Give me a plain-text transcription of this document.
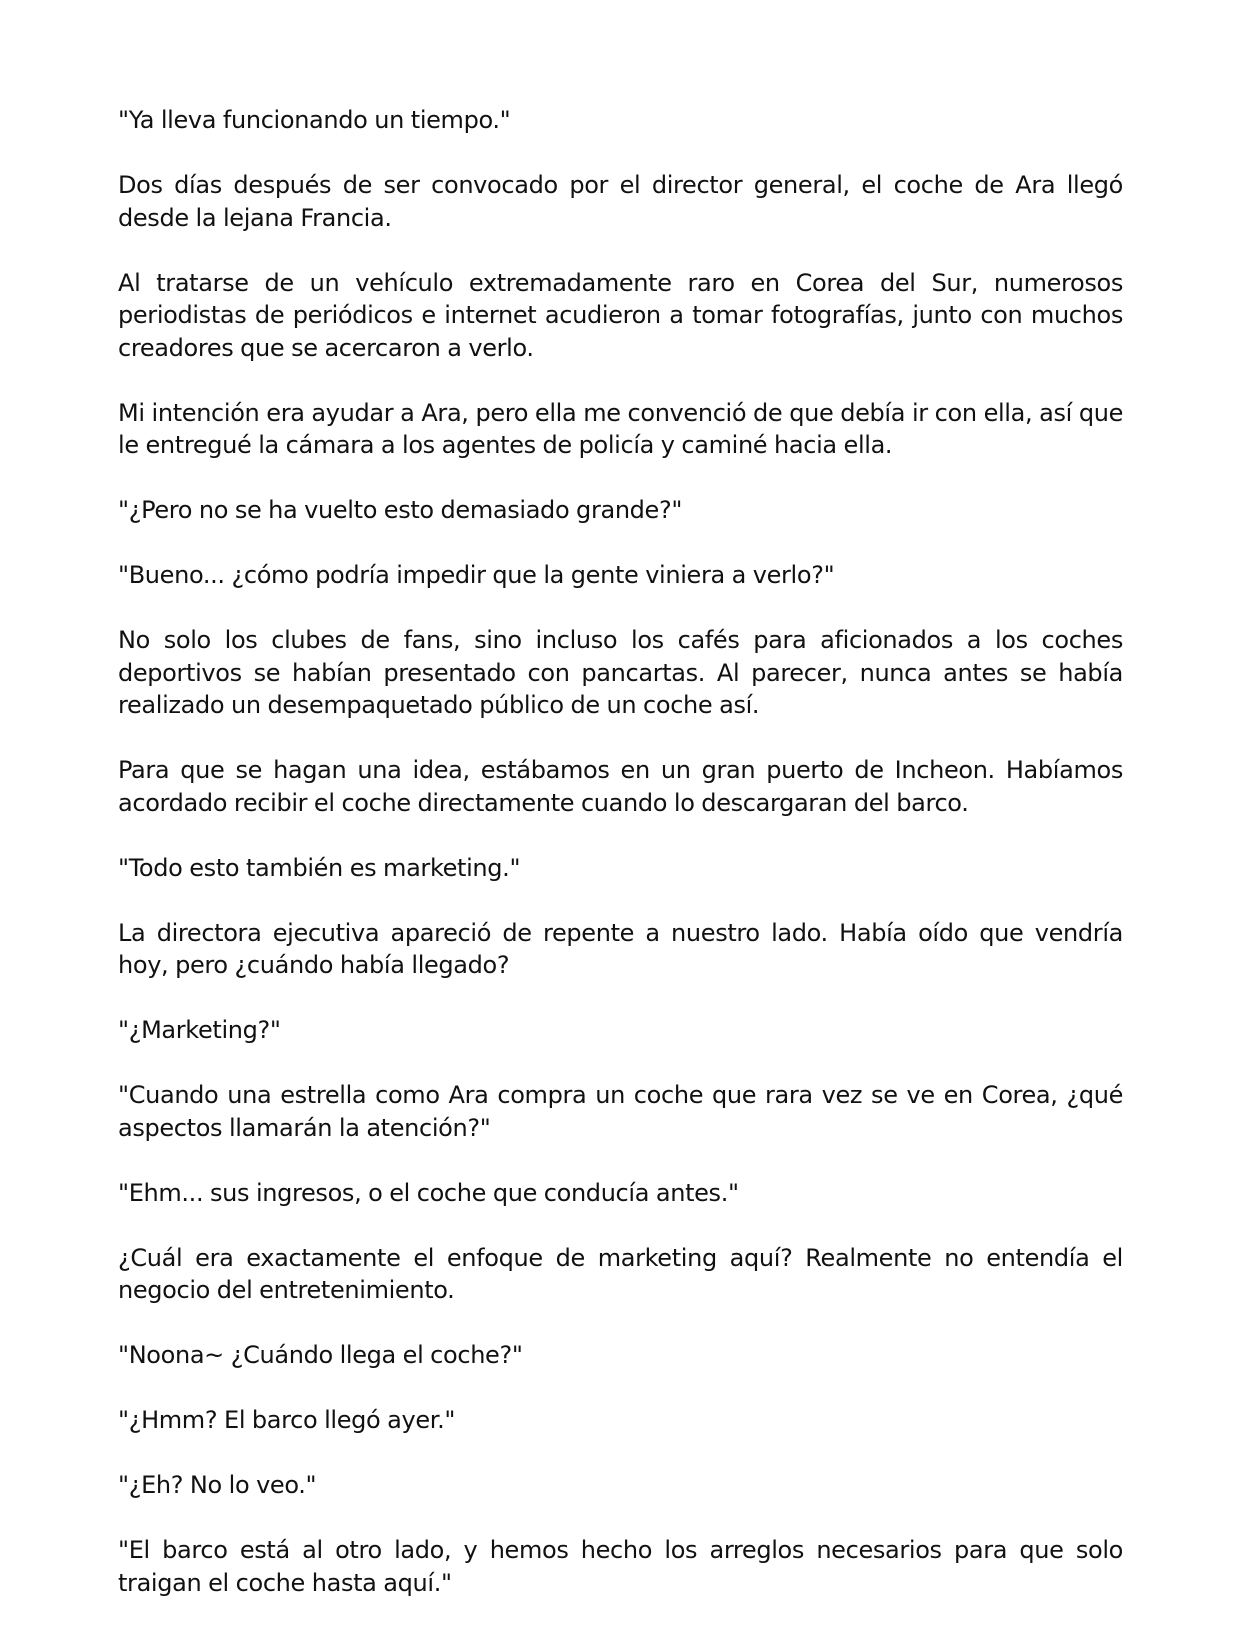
"Ya lleva funcionando un tiempo."

Dos días después de ser convocado por el director general, el coche de Ara llegó desde la lejana Francia.

Al tratarse de un vehículo extremadamente raro en Corea del Sur, numerosos periodistas de periódicos e internet acudieron a tomar fotografías, junto con muchos creadores que se acercaron a verlo.

Mi intención era ayudar a Ara, pero ella me convenció de que debía ir con ella, así que le entregué la cámara a los agentes de policía y caminé hacia ella.

"¿Pero no se ha vuelto esto demasiado grande?"

"Bueno... ¿cómo podría impedir que la gente viniera a verlo?"

No solo los clubes de fans, sino incluso los cafés para aficionados a los coches deportivos se habían presentado con pancartas. Al parecer, nunca antes se había realizado un desempaquetado público de un coche así.

Para que se hagan una idea, estábamos en un gran puerto de Incheon. Habíamos acordado recibir el coche directamente cuando lo descargaran del barco.

"Todo esto también es marketing."

La directora ejecutiva apareció de repente a nuestro lado. Había oído que vendría hoy, pero ¿cuándo había llegado?

"¿Marketing?"

"Cuando una estrella como Ara compra un coche que rara vez se ve en Corea, ¿qué aspectos llamarán la atención?"

"Ehm... sus ingresos, o el coche que conducía antes."

¿Cuál era exactamente el enfoque de marketing aquí? Realmente no entendía el negocio del entretenimiento.

"Noona~ ¿Cuándo llega el coche?"

"¿Hmm? El barco llegó ayer."

"¿Eh? No lo veo."

"El barco está al otro lado, y hemos hecho los arreglos necesarios para que solo traigan el coche hasta aquí."
